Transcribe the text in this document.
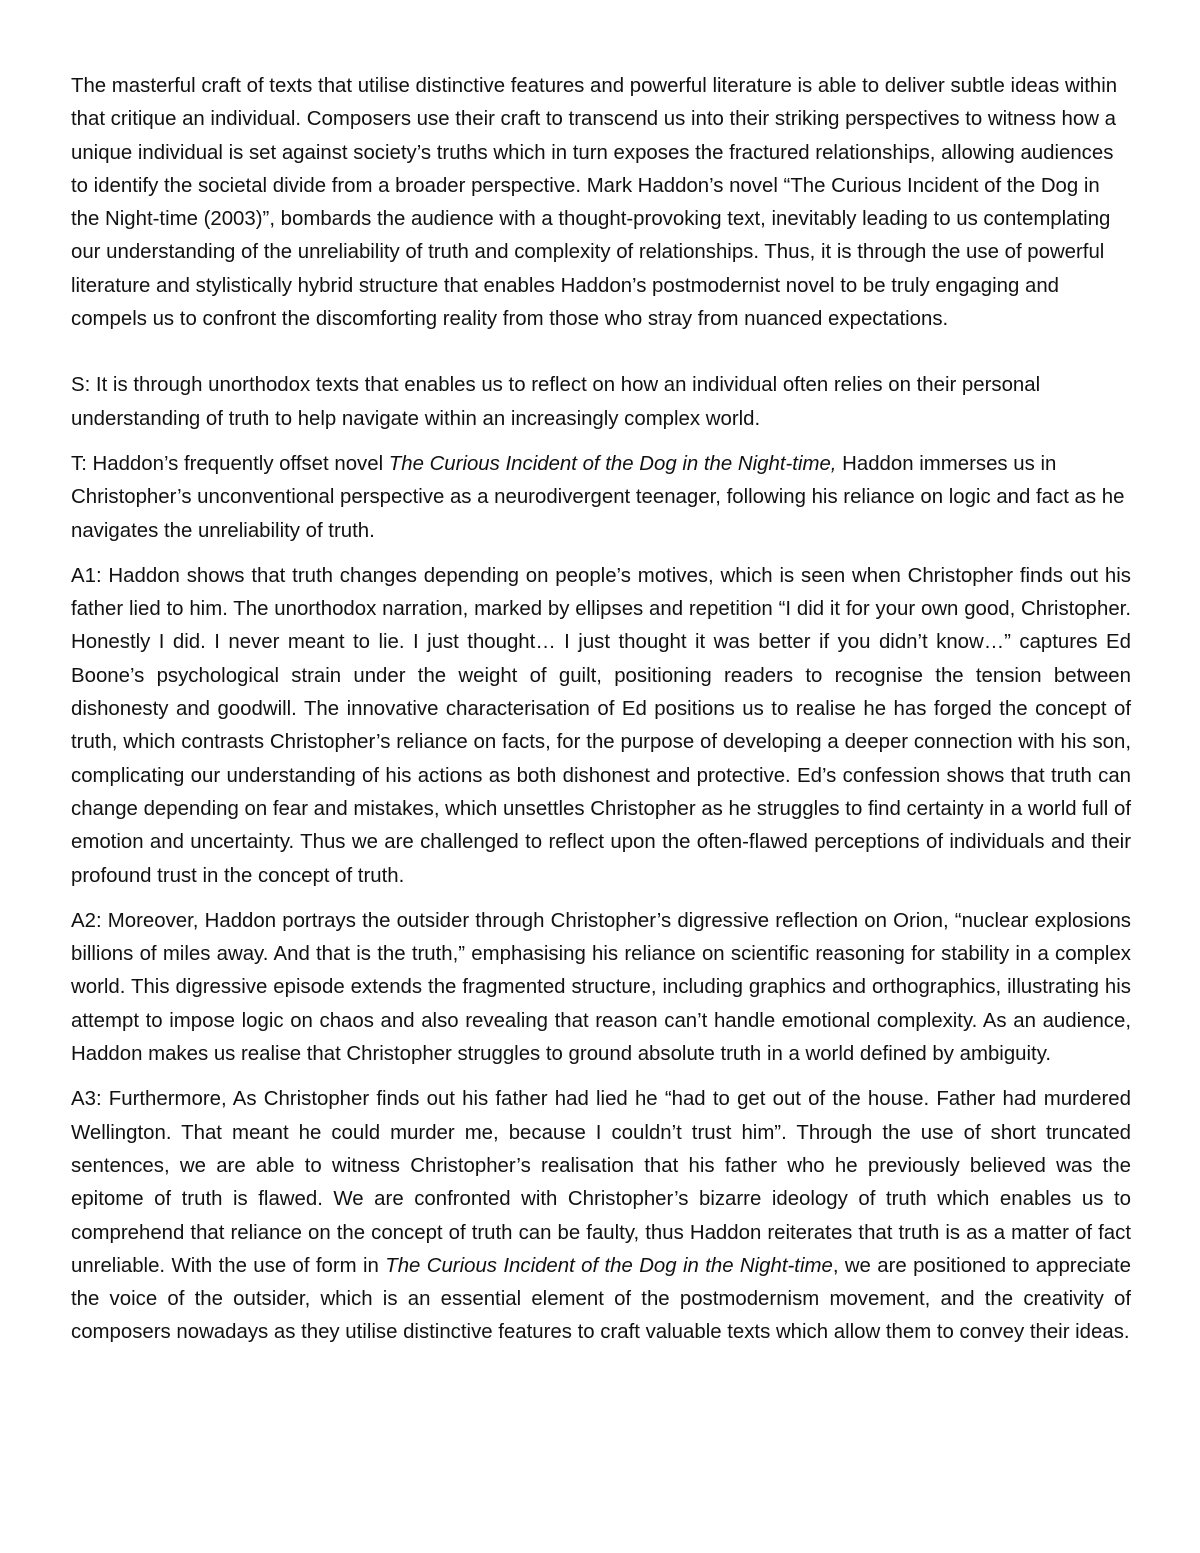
The masterful craft of texts that utilise distinctive features and powerful literature is able to deliver subtle ideas within that critique an individual. Composers use their craft to transcend us into their striking perspectives to witness how a unique individual is set against society’s truths which in turn exposes the fractured relationships, allowing audiences to identify the societal divide from a broader perspective. Mark Haddon’s novel “The Curious Incident of the Dog in the Night-time (2003)”, bombards the audience with a thought-provoking text, inevitably leading to us contemplating our understanding of the unreliability of truth and complexity of relationships. Thus, it is through the use of powerful literature and stylistically hybrid structure that enables Haddon’s postmodernist novel to be truly engaging and compels us to confront the discomforting reality from those who stray from nuanced expectations.

S: It is through unorthodox texts that enables us to reflect on how an individual often relies on their personal understanding of truth to help navigate within an increasingly complex world.

T: Haddon’s frequently offset novel The Curious Incident of the Dog in the Night-time, Haddon immerses us in Christopher’s unconventional perspective as a neurodivergent teenager, following his reliance on logic and fact as he navigates the unreliability of truth.

A1: Haddon shows that truth changes depending on people’s motives, which is seen when Christopher finds out his father lied to him. The unorthodox narration, marked by ellipses and repetition “I did it for your own good, Christopher. Honestly I did. I never meant to lie. I just thought… I just thought it was better if you didn’t know…” captures Ed Boone’s psychological strain under the weight of guilt, positioning readers to recognise the tension between dishonesty and goodwill. The innovative characterisation of Ed positions us to realise he has forged the concept of truth, which contrasts Christopher’s reliance on facts, for the purpose of developing a deeper connection with his son, complicating our understanding of his actions as both dishonest and protective. Ed’s confession shows that truth can change depending on fear and mistakes, which unsettles Christopher as he struggles to find certainty in a world full of emotion and uncertainty. Thus we are challenged to reflect upon the often-flawed perceptions of individuals and their profound trust in the concept of truth.

A2: Moreover, Haddon portrays the outsider through Christopher’s digressive reflection on Orion, “nuclear explosions billions of miles away. And that is the truth,” emphasising his reliance on scientific reasoning for stability in a complex world. This digressive episode extends the fragmented structure, including graphics and orthographics, illustrating his attempt to impose logic on chaos and also revealing that reason can’t handle emotional complexity. As an audience, Haddon makes us realise that Christopher struggles to ground absolute truth in a world defined by ambiguity.

A3: Furthermore, As Christopher finds out his father had lied he “had to get out of the house. Father had murdered Wellington. That meant he could murder me, because I couldn’t trust him”. Through the use of short truncated sentences, we are able to witness Christopher’s realisation that his father who he previously believed was the epitome of truth is flawed. We are confronted with Christopher’s bizarre ideology of truth which enables us to comprehend that reliance on the concept of truth can be faulty, thus Haddon reiterates that truth is as a matter of fact unreliable. With the use of form in The Curious Incident of the Dog in the Night-time, we are positioned to appreciate the voice of the outsider, which is an essential element of the postmodernism movement, and the creativity of composers nowadays as they utilise distinctive features to craft valuable texts which allow them to convey their ideas.
